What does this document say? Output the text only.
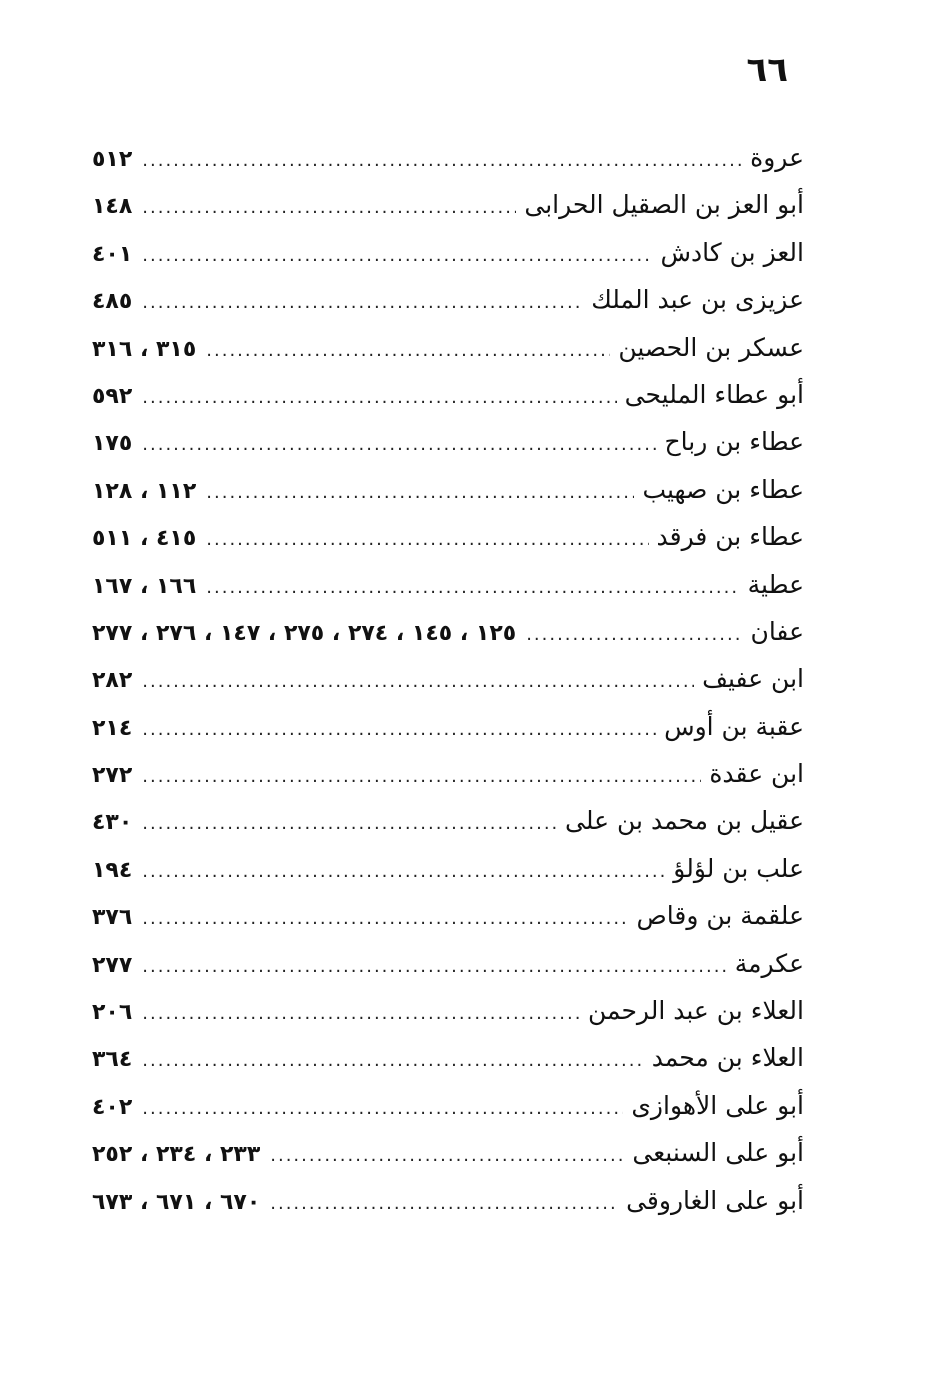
٦٦
عروة
.....
٥١٢
أبو العز بن الصقيل الحرابى
.....
١٤٨
العز بن كادش
.....
٤٠١
عزيزى بن عبد الملك
.....
٤٨٥
عسكر بن الحصين
.....
٣١٥ ، ٣١٦
أبو عطاء المليحى
.....
٥٩٢
عطاء بن رباح
.....
١٧٥
عطاء بن صهيب
.....
١١٢ ، ١٢٨
عطاء بن فرقد
.....
٤١٥ ، ٥١١
عطية
.....
١٦٦ ، ١٦٧
عفان
.....
١٢٥ ، ١٤٥ ، ٢٧٤ ، ٢٧٥ ، ١٤٧ ، ٢٧٦ ، ٢٧٧
ابن عفيف
.....
٢٨٢
عقبة بن أوس
.....
٢١٤
ابن عقدة
.....
٢٧٢
عقيل بن محمد بن على
.....
٤٣٠
علب بن لؤلؤ
.....
١٩٤
علقمة بن وقاص
.....
٣٧٦
عكرمة
.....
٢٧٧
العلاء بن عبد الرحمن
.....
٢٠٦
العلاء بن محمد
.....
٣٦٤
أبو على الأهوازى
.....
٤٠٢
أبو على السنبعى
.....
٢٣٣ ، ٢٣٤ ، ٢٥٢
أبو على الغاروقى
.....
٦٧٠ ، ٦٧١ ، ٦٧٣
